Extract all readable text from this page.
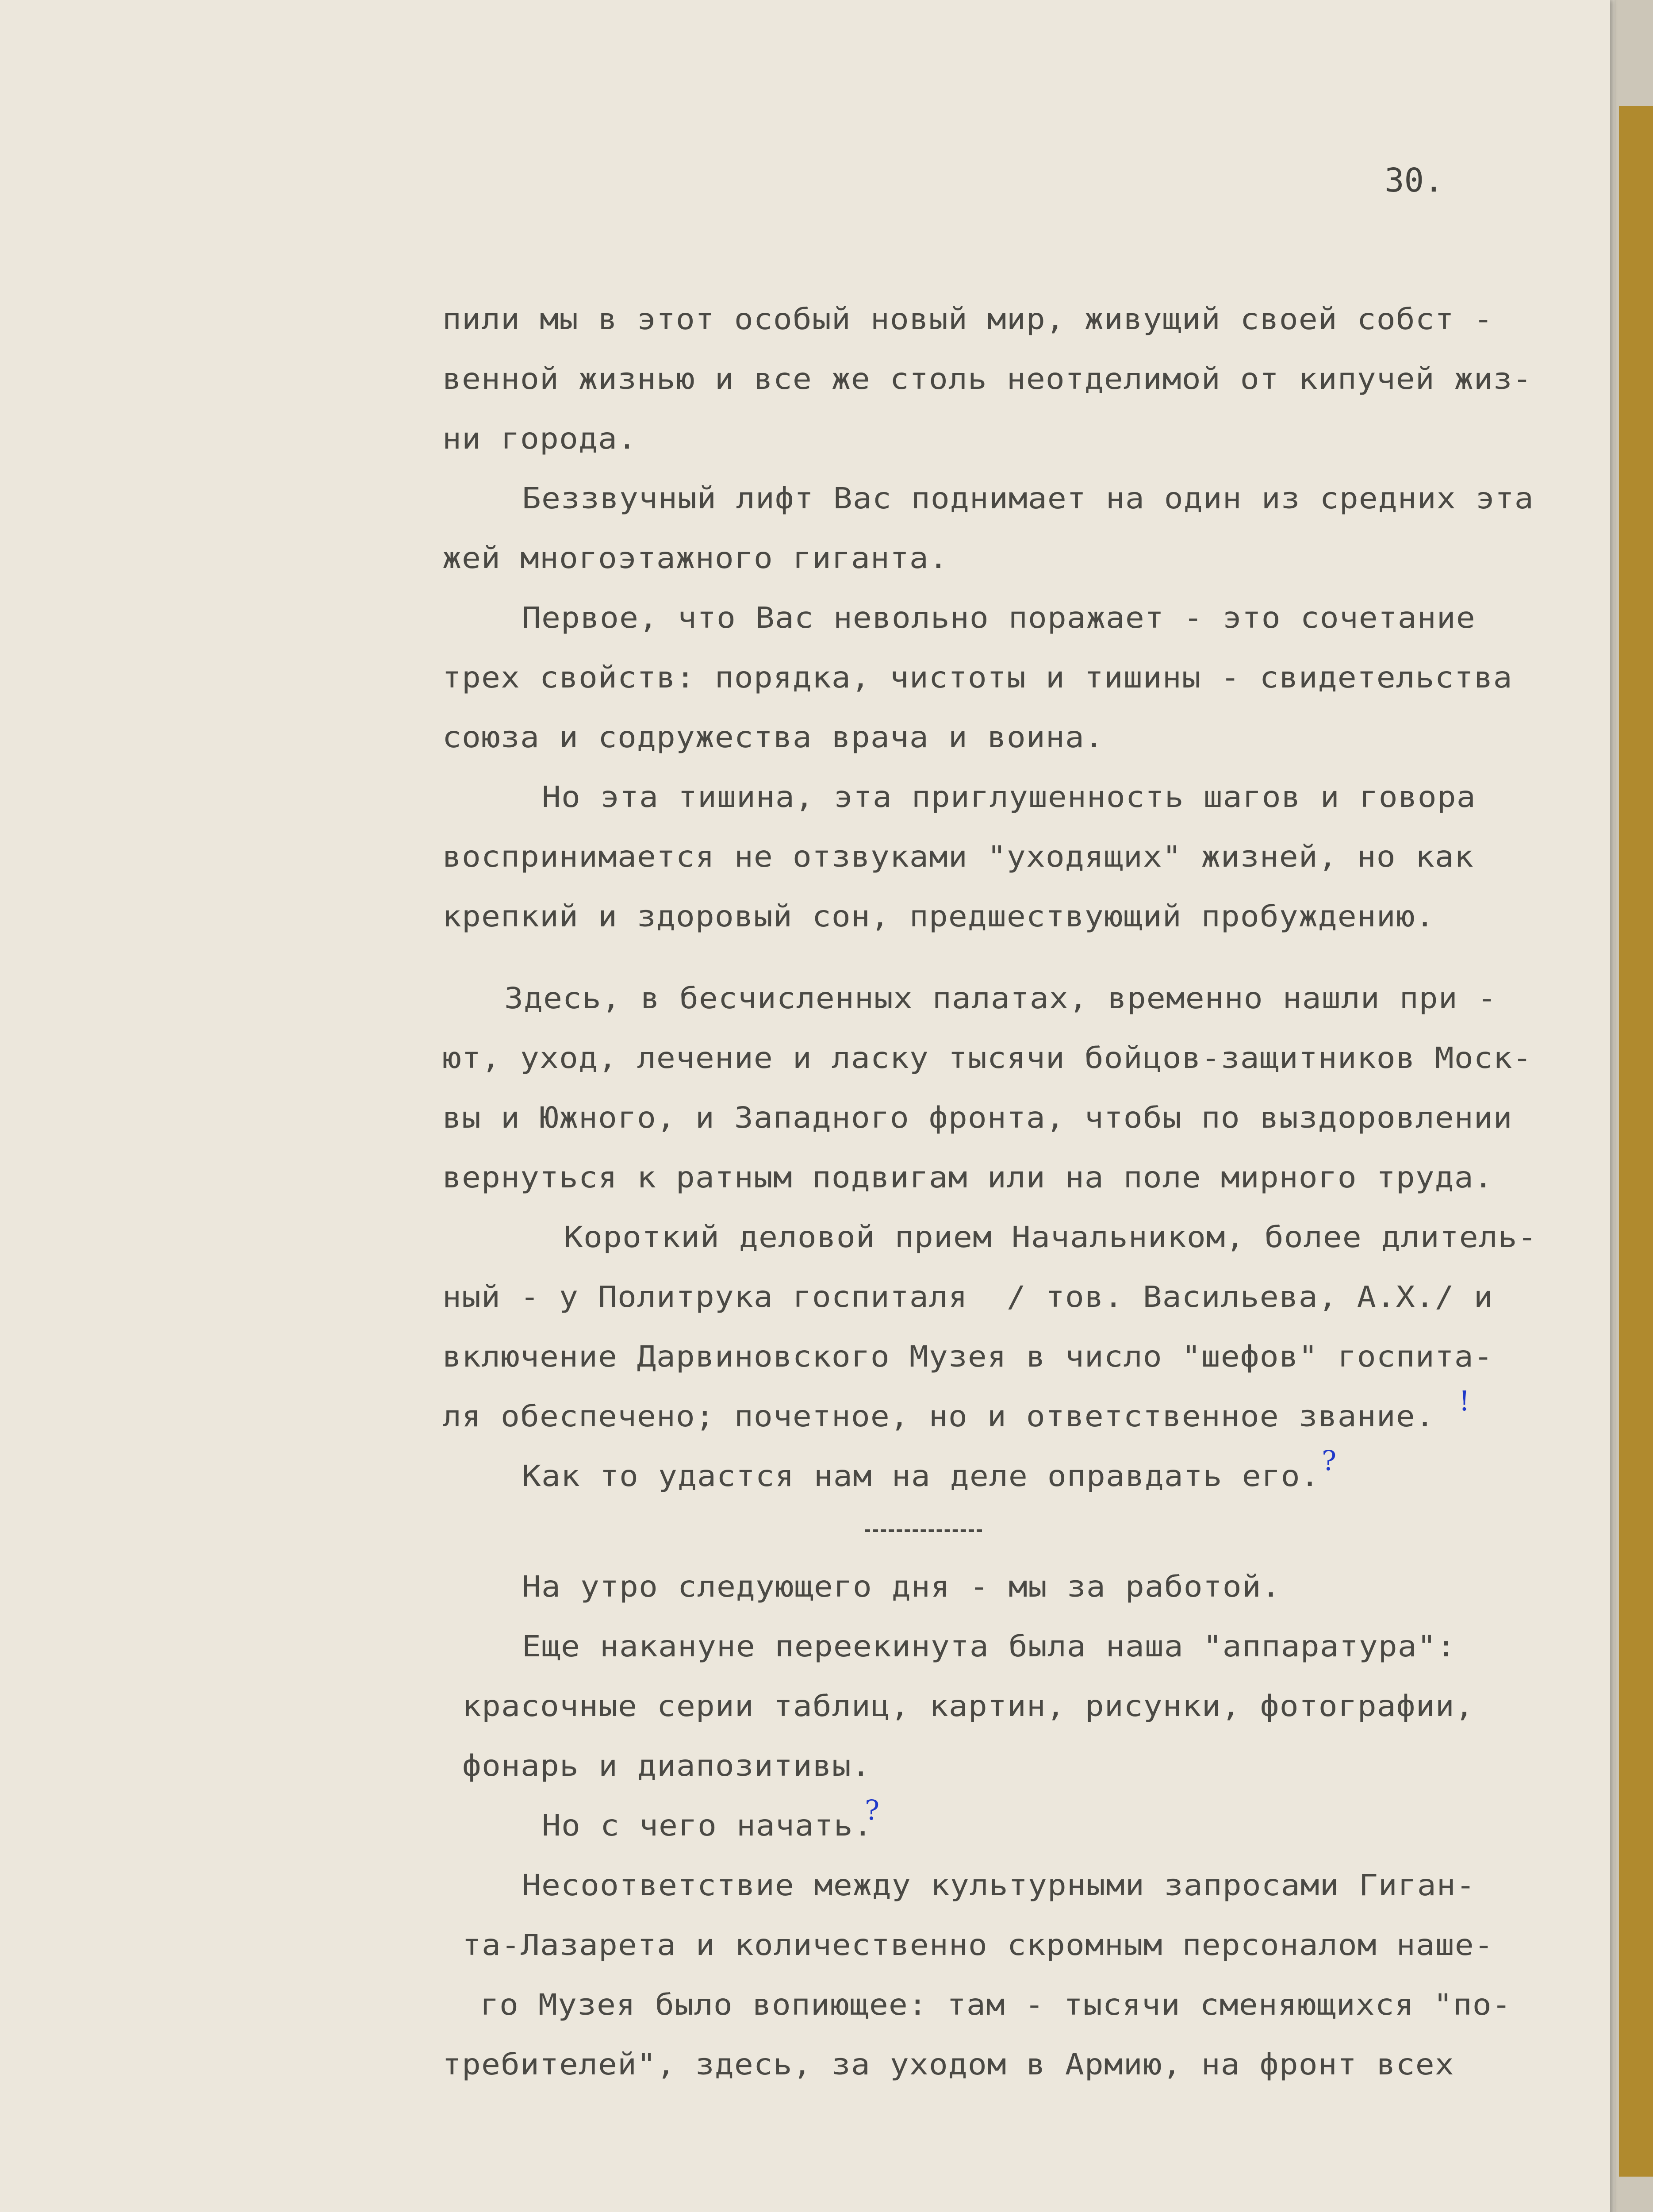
30.
пили мы в этот особый новый мир, живущий своей собст -
венной жизнью и все же столь неотделимой от кипучей жиз-
ни города.
Беззвучный лифт Вас поднимает на один из средних эта
жей многоэтажного гиганта.
Первое, что Вас невольно поражает - это сочетание
трех свойств: порядка, чистоты и тишины - свидетельства
союза и содружества врача и воина.
Но эта тишина, эта приглушенность шагов и говора
воспринимается не отзвуками "уходящих" жизней, но как
крепкий и здоровый сон, предшествующий пробуждению.
Здесь, в бесчисленных палатах, временно нашли при -
ют, уход, лечение и ласку тысячи бойцов-защитников Моск-
вы и Южного, и Западного фронта, чтобы по выздоровлении
вернуться к ратным подвигам или на поле мирного труда.
Короткий деловой прием Начальником, более длитель-
ный - у Политрука госпиталя  / тов. Васильева, А.Х./ и
включение Дарвиновского Музея в число "шефов" госпита-
ля обеспечено; почетное, но и ответственное звание.
Как то удастся нам на деле оправдать его.
На утро следующего дня - мы за работой.
Еще накануне переекинута была наша "аппаратура":
красочные серии таблиц, картин, рисунки, фотографии,
фонарь и диапозитивы.
Но с чего начать.
Несоответствие между культурными запросами Гиган-
та-Лазарета и количественно скромным персоналом наше-
го Музея было вопиющее: там - тысячи сменяющихся "по-
требителей", здесь, за уходом в Армию, на фронт всех
!
?
?
